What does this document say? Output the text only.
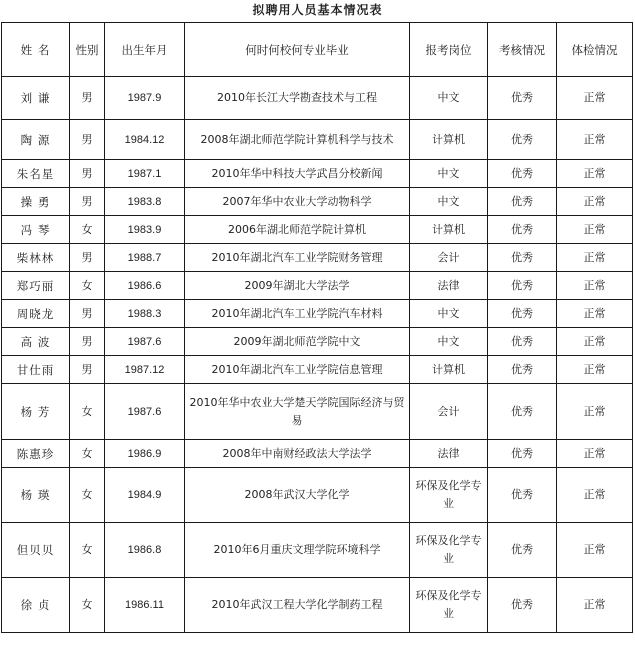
拟聘用人员基本情况表
姓 名	性别	出生年月	何时何校何专业毕业	报考岗位	考核情况	体检情况
刘 谦	男	1987.9	2010年长江大学勘查技术与工程	中文	优秀	正常
陶 源	男	1984.12	2008年湖北师范学院计算机科学与技术	计算机	优秀	正常
朱名星	男	1987.1	2010年华中科技大学武昌分校新闻	中文	优秀	正常
操 勇	男	1983.8	2007年华中农业大学动物科学	中文	优秀	正常
冯 琴	女	1983.9	2006年湖北师范学院计算机	计算机	优秀	正常
柴林林	男	1988.7	2010年湖北汽车工业学院财务管理	会计	优秀	正常
郑巧丽	女	1986.6	2009年湖北大学法学	法律	优秀	正常
周晓龙	男	1988.3	2010年湖北汽车工业学院汽车材料	中文	优秀	正常
高 波	男	1987.6	2009年湖北师范学院中文	中文	优秀	正常
甘仕雨	男	1987.12	2010年湖北汽车工业学院信息管理	计算机	优秀	正常
杨 芳	女	1987.6	2010年华中农业大学楚天学院国际经济与贸易	会计	优秀	正常
陈惠珍	女	1986.9	2008年中南财经政法大学法学	法律	优秀	正常
杨 瑛	女	1984.9	2008年武汉大学化学	环保及化学专业	优秀	正常
但贝贝	女	1986.8	2010年6月重庆文理学院环境科学	环保及化学专业	优秀	正常
徐 贞	女	1986.11	2010年武汉工程大学化学制药工程	环保及化学专业	优秀	正常
